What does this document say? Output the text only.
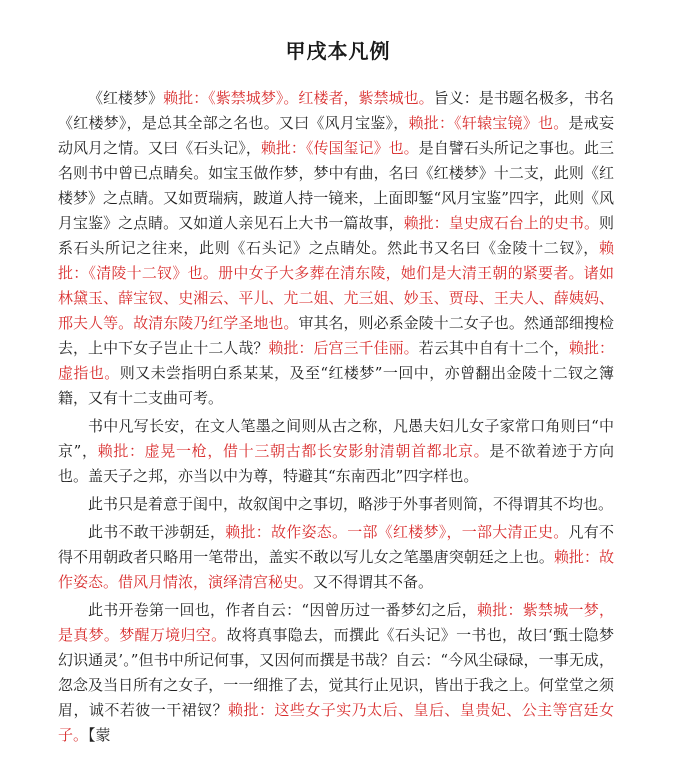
甲戌本凡例

《红楼梦》赖批：《紫禁城梦》。红楼者，紫禁城也。旨义：是书题名极多，书名《红楼梦》，是总其全部之名也。又曰《风月宝鉴》，赖批：《轩辕宝镜》也。是戒妄动风月之情。又曰《石头记》，赖批：《传国玺记》也。是自譬石头所记之事也。此三名则书中曾已点睛矣。如宝玉做作梦，梦中有曲，名曰《红楼梦》十二支，此则《红楼梦》之点睛。又如贾瑞病，跛道人持一镜来，上面即錾“风月宝鉴”四字，此则《风月宝鉴》之点睛。又如道人亲见石上大书一篇故事，赖批：皇史宬石台上的史书。则系石头所记之往来，此则《石头记》之点睛处。然此书又名曰《金陵十二钗》，赖批：《清陵十二钗》也。册中女子大多葬在清东陵，她们是大清王朝的紧要者。诸如林黛玉、薛宝钗、史湘云、平儿、尤二姐、尤三姐、妙玉、贾母、王夫人、薛姨妈、邢夫人等。故清东陵乃红学圣地也。审其名，则必系金陵十二女子也。然通部细搜检去，上中下女子岂止十二人哉？赖批：后宫三千佳丽。若云其中自有十二个，赖批：虚指也。则又未尝指明白系某某，及至“红楼梦”一回中，亦曾翻出金陵十二钗之簿籍，又有十二支曲可考。

书中凡写长安，在文人笔墨之间则从古之称，凡愚夫妇儿女子家常口角则曰“中京”，赖批：虚晃一枪，借十三朝古都长安影射清朝首都北京。是不欲着迹于方向也。盖天子之邦，亦当以中为尊，特避其“东南西北”四字样也。

此书只是着意于闺中，故叙闺中之事切，略涉于外事者则简，不得谓其不均也。

此书不敢干涉朝廷，赖批：故作姿态。一部《红楼梦》，一部大清正史。凡有不得不用朝政者只略用一笔带出，盖实不敢以写儿女之笔墨唐突朝廷之上也。赖批：故作姿态。借风月情浓，演绎清宫秘史。又不得谓其不备。

此书开卷第一回也，作者自云：“因曾历过一番梦幻之后，赖批：紫禁城一梦，是真梦。梦醒万境归空。故将真事隐去，而撰此《石头记》一书也，故曰‘甄士隐梦幻识通灵’。”但书中所记何事，又因何而撰是书哉？自云：“今风尘碌碌，一事无成，忽念及当日所有之女子，一一细推了去，觉其行止见识，皆出于我之上。何堂堂之须眉，诚不若彼一干裙钗？赖批：这些女子实乃太后、皇后、皇贵妃、公主等宫廷女子。【蒙
